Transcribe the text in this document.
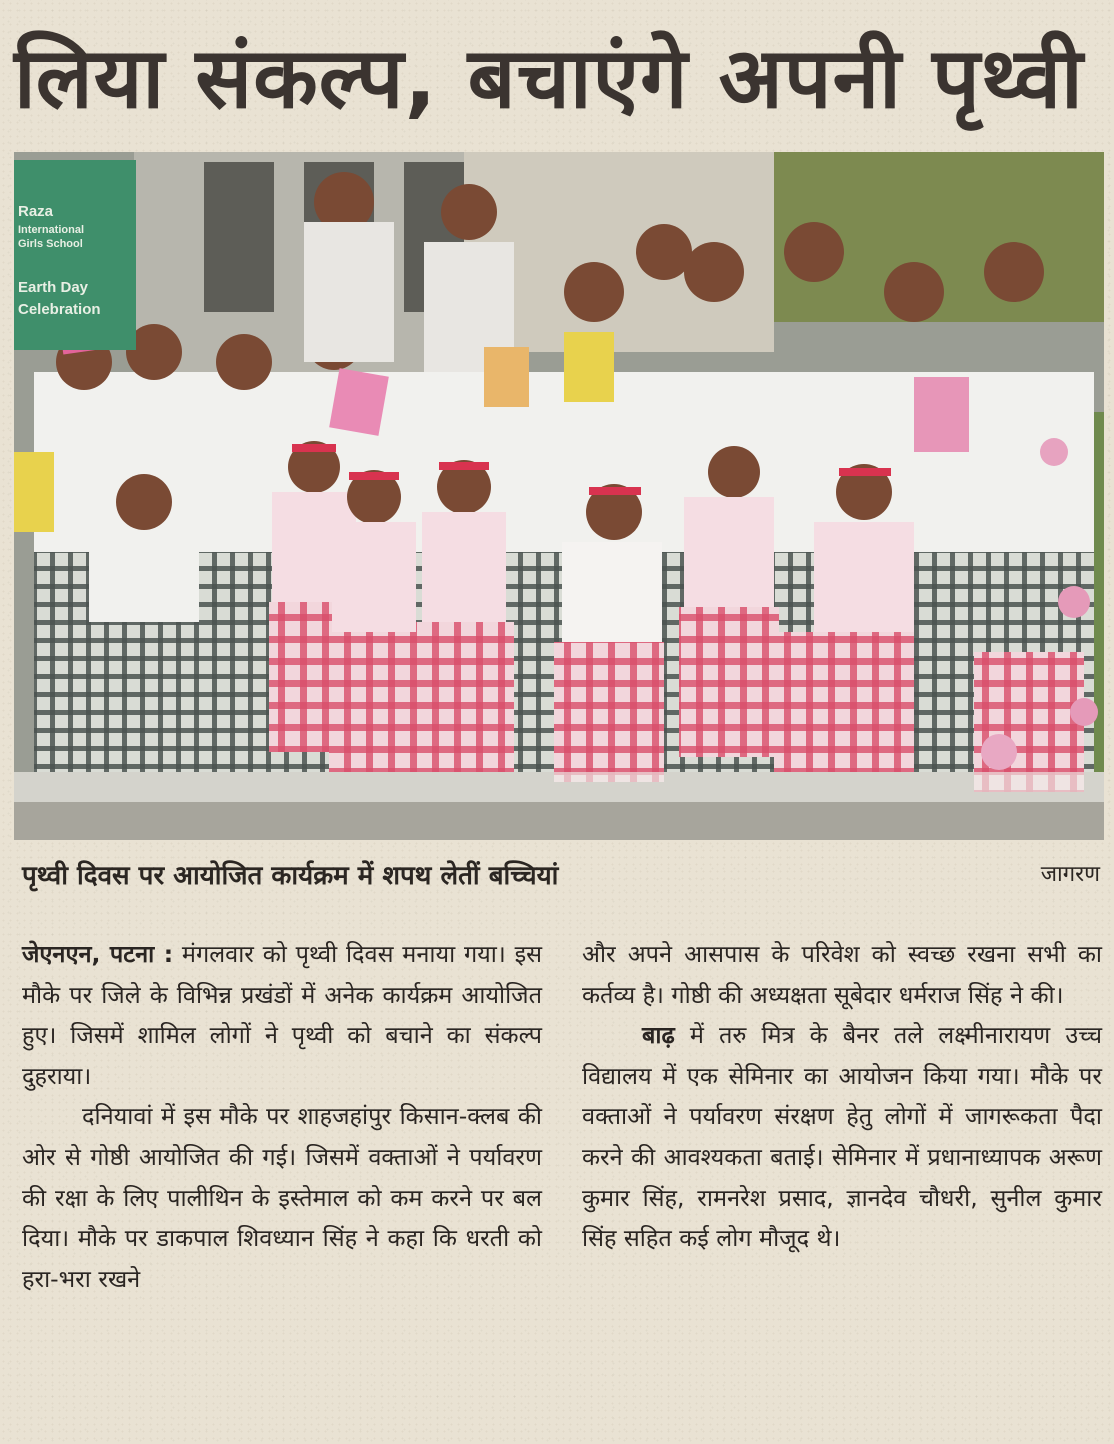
लिया संकल्प, बचाएंगे अपनी पृथ्वी
Raza
International
Girls School
Earth Day
Celebration
पृथ्वी दिवस पर आयोजित कार्यक्रम में शपथ लेतीं बच्चियां	जागरण

जेएनएन, पटना : मंगलवार को पृथ्वी दिवस मनाया गया। इस मौके पर जिले के विभिन्न प्रखंडों में अनेक कार्यक्रम आयोजित हुए। जिसमें शामिल लोगों ने पृथ्वी को बचाने का संकल्प दुहराया।

दनियावां में इस मौके पर शाहजहांपुर किसान-क्लब की ओर से गोष्ठी आयोजित की गई। जिसमें वक्ताओं ने पर्यावरण की रक्षा के लिए पालीथिन के इस्तेमाल को कम करने पर बल दिया। मौके पर डाकपाल शिवध्यान सिंह ने कहा कि धरती को हरा-भरा रखने

और अपने आसपास के परिवेश को स्वच्छ रखना सभी का कर्तव्य है। गोष्ठी की अध्यक्षता सूबेदार धर्मराज सिंह ने की।

बाढ़ में तरु मित्र के बैनर तले लक्ष्मीनारायण उच्च विद्यालय में एक सेमिनार का आयोजन किया गया। मौके पर वक्ताओं ने पर्यावरण संरक्षण हेतु लोगों में जागरूकता पैदा करने की आवश्यकता बताई। सेमिनार में प्रधानाध्यापक अरूण कुमार सिंह, रामनरेश प्रसाद, ज्ञानदेव चौधरी, सुनील कुमार सिंह सहित कई लोग मौजूद थे।
